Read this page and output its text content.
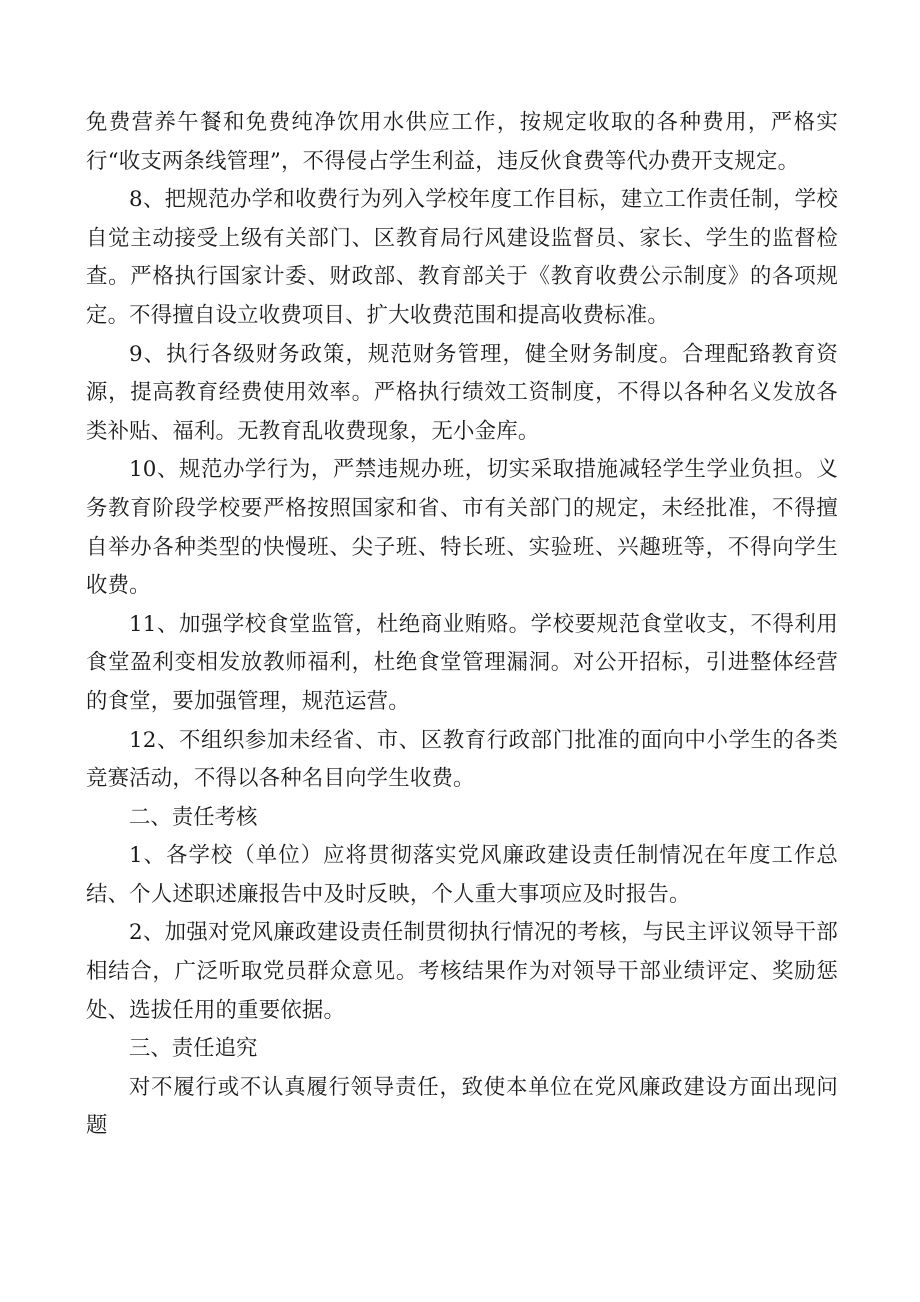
免费营养午餐和免费纯净饮用水供应工作，按规定收取的各种费用，严格实行“收支两条线管理”，不得侵占学生利益，违反伙食费等代办费开支规定。

8、把规范办学和收费行为列入学校年度工作目标，建立工作责任制，学校自觉主动接受上级有关部门、区教育局行风建设监督员、家长、学生的监督检查。严格执行国家计委、财政部、教育部关于《教育收费公示制度》的各项规定。不得擅自设立收费项目、扩大收费范围和提高收费标准。

9、执行各级财务政策，规范财务管理，健全财务制度。合理配臵教育资源，提高教育经费使用效率。严格执行绩效工资制度，不得以各种名义发放各类补贴、福利。无教育乱收费现象，无小金库。

10、规范办学行为，严禁违规办班，切实采取措施减轻学生学业负担。义务教育阶段学校要严格按照国家和省、市有关部门的规定，未经批准，不得擅自举办各种类型的快慢班、尖子班、特长班、实验班、兴趣班等，不得向学生收费。

11、加强学校食堂监管，杜绝商业贿赂。学校要规范食堂收支，不得利用食堂盈利变相发放教师福利，杜绝食堂管理漏洞。对公开招标，引进整体经营的食堂，要加强管理，规范运营。

12、不组织参加未经省、市、区教育行政部门批准的面向中小学生的各类竞赛活动，不得以各种名目向学生收费。

二、责任考核

1、各学校（单位）应将贯彻落实党风廉政建设责任制情况在年度工作总结、个人述职述廉报告中及时反映，个人重大事项应及时报告。

2、加强对党风廉政建设责任制贯彻执行情况的考核，与民主评议领导干部相结合，广泛听取党员群众意见。考核结果作为对领导干部业绩评定、奖励惩处、选拔任用的重要依据。

三、责任追究

对不履行或不认真履行领导责任，致使本单位在党风廉政建设方面出现问题
